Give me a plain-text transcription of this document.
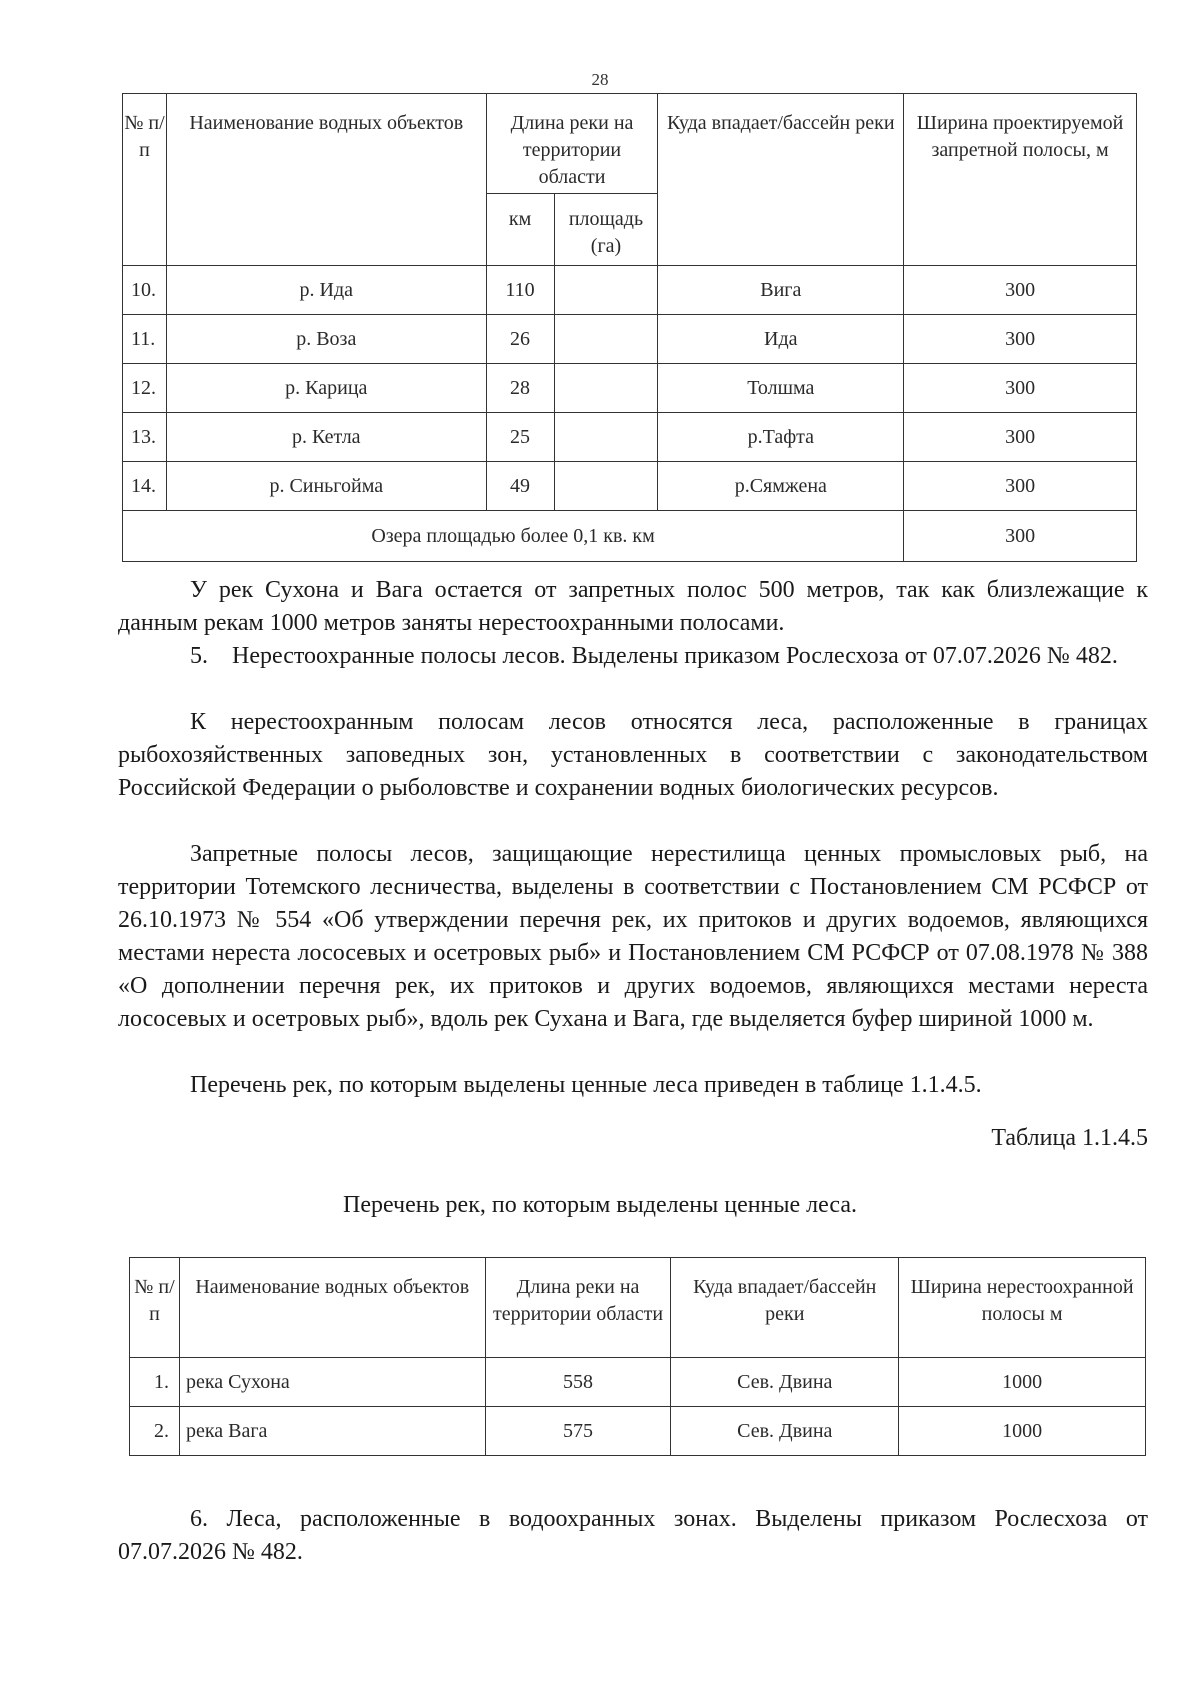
28
№ п/п	Наименование водных объектов	Длина реки на территории области		Куда впадает/бассейн реки	Ширина проектируемой запретной полосы, м
		км	площадь (га)		
10.	р. Ида	110		Вига	300
11.	р. Воза	26		Ида	300
12.	р. Карица	28		Толшма	300
13.	р. Кетла	25		р.Тафта	300
14.	р. Синьгойма	49		р.Сямжена	300
Озера площадью более 0,1 кв. км					300

У рек Сухона и Вага остается от запретных полос 500 метров, так как близлежащие к данным рекам 1000 метров заняты нерестоохранными полосами.

5.    Нерестоохранные полосы лесов. Выделены приказом Рослесхоза от 07.07.2026 № 482.

К нерестоохранным полосам лесов относятся леса, расположенные в границах рыбохозяйственных заповедных зон, установленных в соответствии с законодательством Российской Федерации о рыболовстве и сохранении водных биологических ресурсов.

Запретные полосы лесов, защищающие нерестилища ценных промысловых рыб, на территории Тотемского лесничества, выделены в соответствии с Постановлением СМ РСФСР от 26.10.1973 № 554 «Об утверждении перечня рек, их притоков и других водоемов, являющихся местами нереста лососевых и осетровых рыб» и Постановлением СМ РСФСР от 07.08.1978 № 388 «О дополнении перечня рек, их притоков и других водоемов, являющихся местами нереста лососевых и осетровых рыб», вдоль рек Сухана и Вага, где выделяется буфер шириной 1000 м.

Перечень рек, по которым выделены ценные леса приведен в таблице 1.1.4.5.

Таблица 1.1.4.5

Перечень рек, по которым выделены ценные леса.

№ п/п	Наименование водных объектов	Длина реки на территории области	Куда впадает/бассейн реки	Ширина нерестоохранной полосы м
1.	река Сухона	558	Сев. Двина	1000
2.	река Вага	575	Сев. Двина	1000

6. Леса, расположенные в водоохранных зонах. Выделены приказом Рослесхоза от 07.07.2026 № 482.
